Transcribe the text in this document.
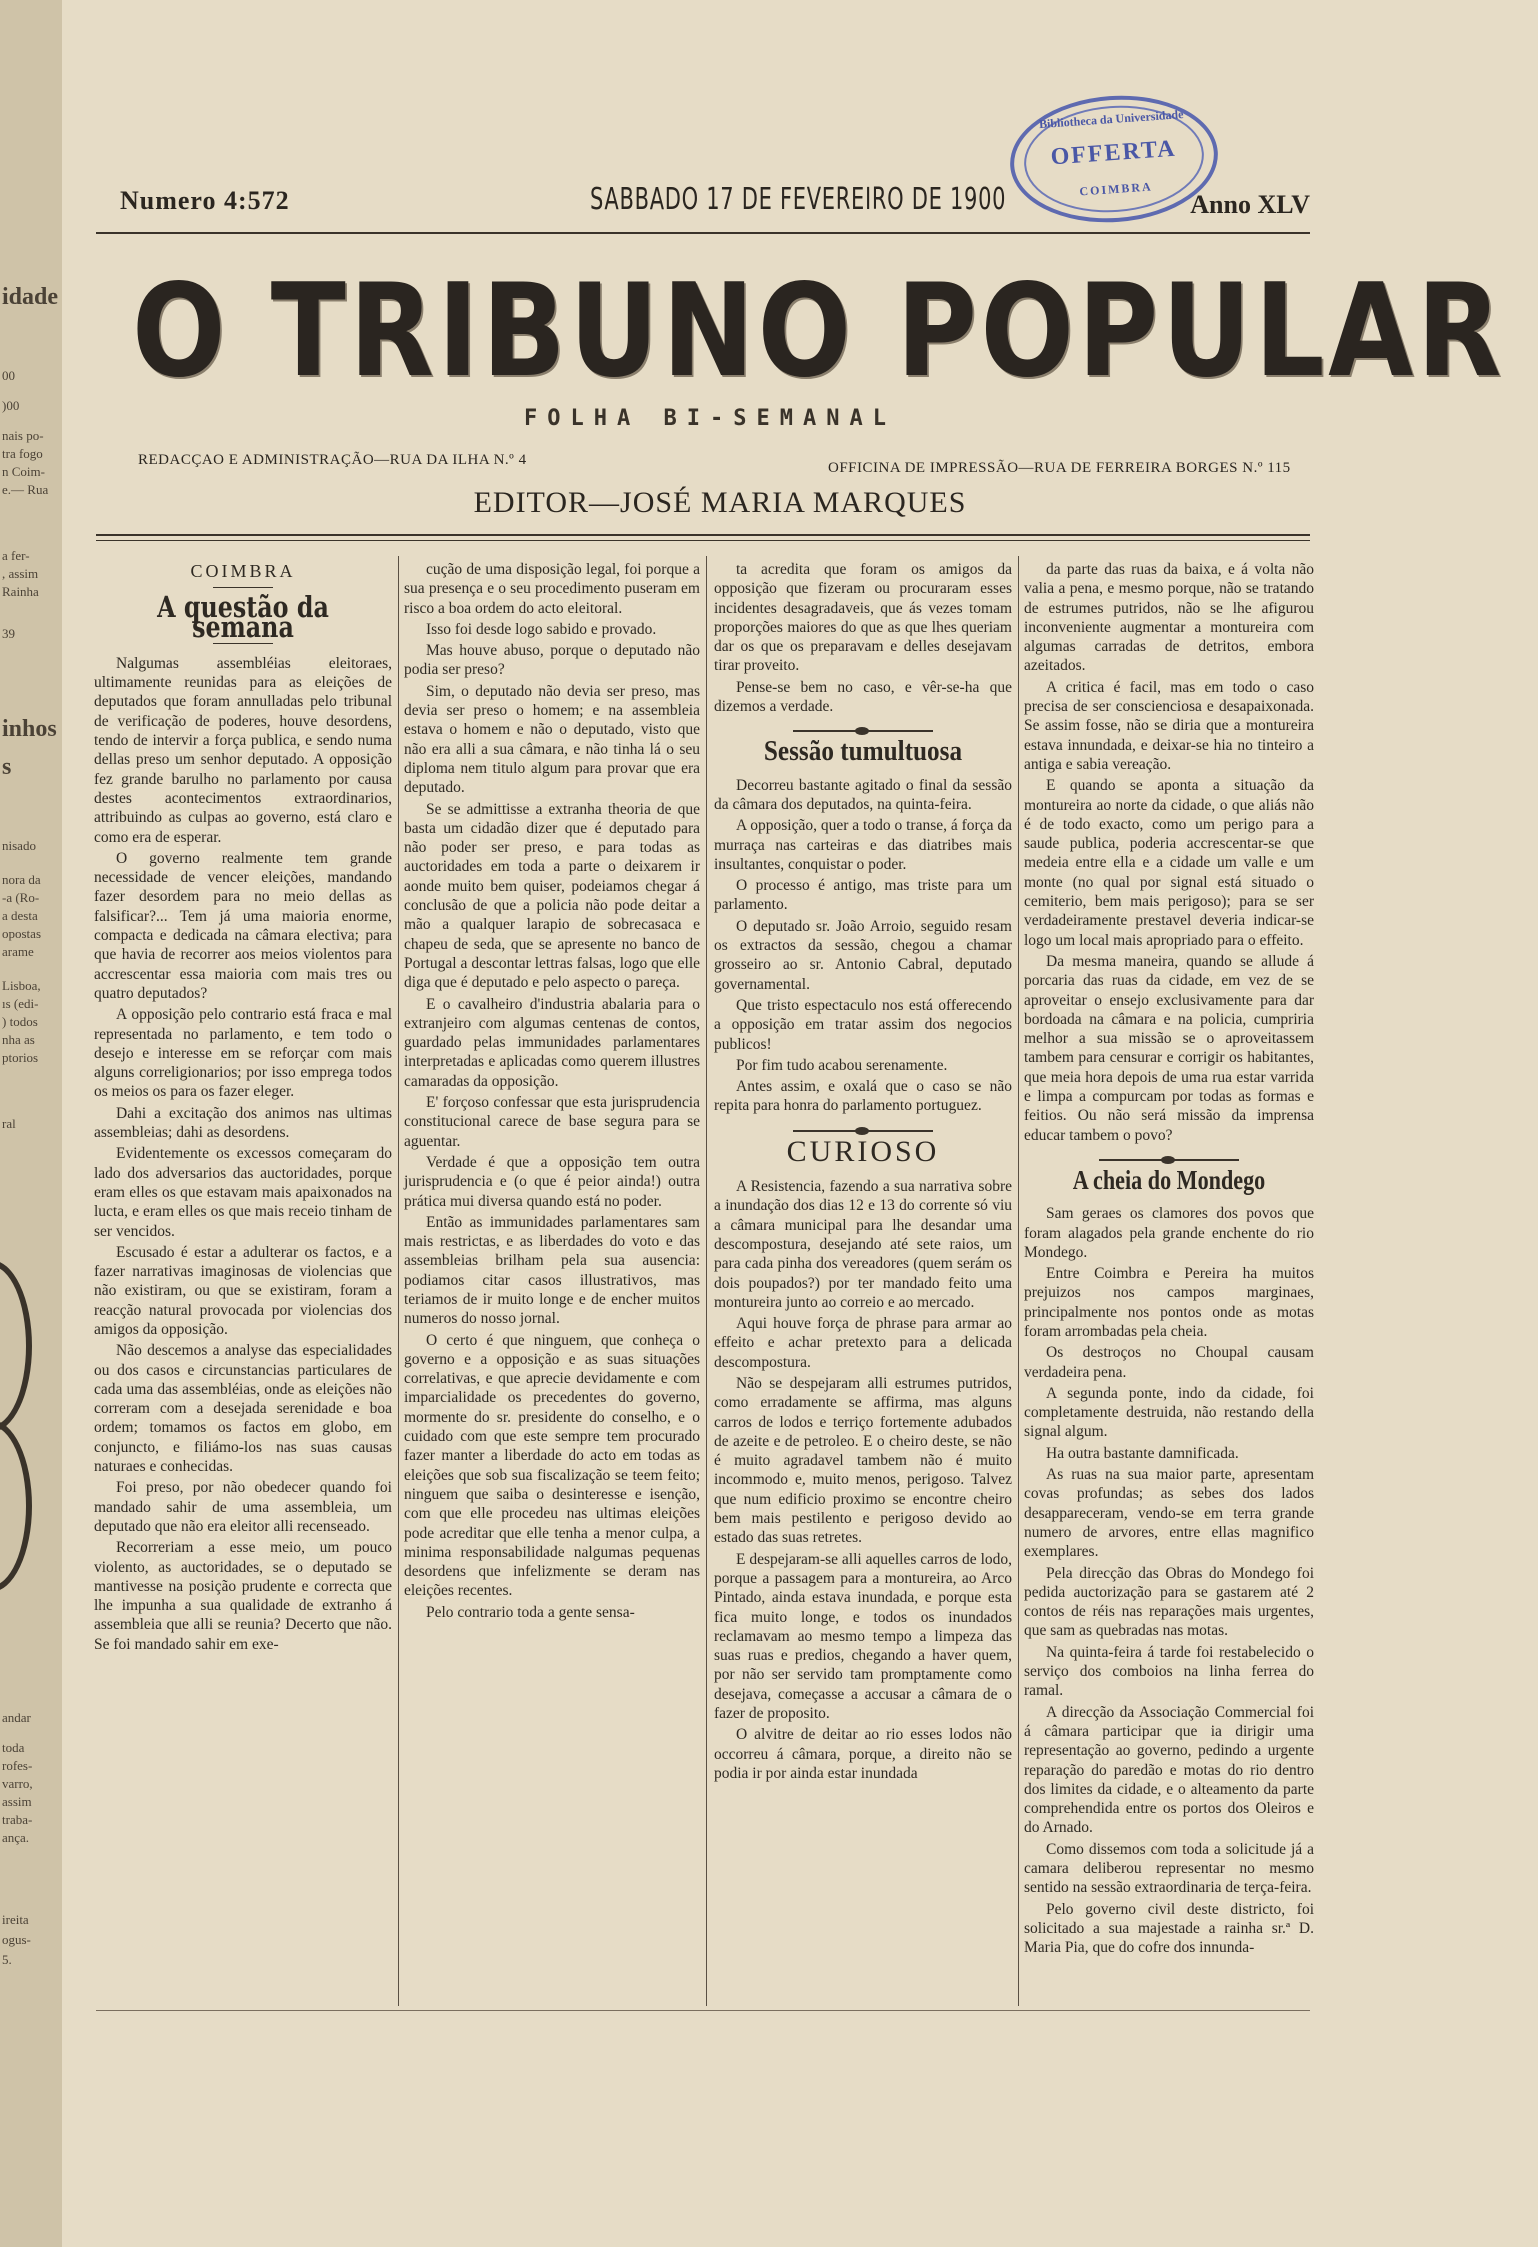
idade
00
)00
nais po-
tra fogo
n Coim-
e.— Rua
a fer-
, assim
Rainha
39
inhos
s
nisado
nora da
-a (Ro-
a desta
opostas
arame
Lisboa,
ıs (edi-
) todos
nha as
ptorios
ral
andar
toda
rofes-
varro,
assim
traba-
ança.
ireita
ogus-
5.
Bibliotheca da Universidade
OFFERTA
COIMBRA
Numero 4:572	SABBADO 17 DE FEVEREIRO DE 1900	Anno XLV
O TRIBUNO POPULAR
FOLHA BI-SEMANAL
REDACÇAO E ADMINISTRAÇÃO—RUA DA ILHA N.º 4	OFFICINA DE IMPRESSÃO—RUA DE FERREIRA BORGES N.º 115
EDITOR—JOSÉ MARIA MARQUES
COIMBRA
A questão da semana

Nalgumas assembléias eleitoraes, ultimamente reunidas para as eleições de deputados que foram annulladas pelo tribunal de verificação de poderes, houve desordens, tendo de intervir a força publica, e sendo numa dellas preso um senhor deputado. A opposição fez grande barulho no parlamento por causa destes acontecimentos extraordinarios, attribuindo as culpas ao governo, está claro e como era de esperar.

O governo realmente tem grande necessidade de vencer eleições, mandando fazer desordem para no meio dellas as falsificar?... Tem já uma maioria enorme, compacta e dedicada na câmara electiva; para que havia de recorrer aos meios violentos para accrescentar essa maioria com mais tres ou quatro deputados?

A opposição pelo contrario está fraca e mal representada no parlamento, e tem todo o desejo e interesse em se reforçar com mais alguns correligionarios; por isso emprega todos os meios os para os fazer eleger.

Dahi a excitação dos animos nas ultimas assembleias; dahi as desordens.

Evidentemente os excessos começaram do lado dos adversarios das auctoridades, porque eram elles os que estavam mais apaixonados na lucta, e eram elles os que mais receio tinham de ser vencidos.

Escusado é estar a adulterar os factos, e a fazer narrativas imaginosas de violencias que não existiram, ou que se existiram, foram a reacção natural provocada por violencias dos amigos da opposição.

Não descemos a analyse das especialidades ou dos casos e circunstancias particulares de cada uma das assembléias, onde as eleições não correram com a desejada serenidade e boa ordem; tomamos os factos em globo, em conjuncto, e filiámo-los nas suas causas naturaes e conhecidas.

Foi preso, por não obedecer quando foi mandado sahir de uma assembleia, um deputado que não era eleitor alli recenseado.

Recorreriam a esse meio, um pouco violento, as auctoridades, se o deputado se mantivesse na posição prudente e correcta que lhe impunha a sua qualidade de extranho á assembleia que alli se reunia? Decerto que não. Se foi mandado sahir em exe-

cução de uma disposição legal, foi porque a sua presença e o seu procedimento puseram em risco a boa ordem do acto eleitoral.

Isso foi desde logo sabido e provado.

Mas houve abuso, porque o deputado não podia ser preso?

Sim, o deputado não devia ser preso, mas devia ser preso o homem; e na assembleia estava o homem e não o deputado, visto que não era alli a sua câmara, e não tinha lá o seu diploma nem titulo algum para provar que era deputado.

Se se admittisse a extranha theoria de que basta um cidadão dizer que é deputado para não poder ser preso, e para todas as auctoridades em toda a parte o deixarem ir aonde muito bem quiser, podeiamos chegar á conclusão de que a policia não pode deitar a mão a qualquer larapio de sobrecasaca e chapeu de seda, que se apresente no banco de Portugal a descontar lettras falsas, logo que elle diga que é deputado e pelo aspecto o pareça.

E o cavalheiro d'industria abalaria para o extranjeiro com algumas centenas de contos, guardado pelas immunidades parlamentares interpretadas e aplicadas como querem illustres camaradas da opposição.

E' forçoso confessar que esta jurisprudencia constitucional carece de base segura para se aguentar.

Verdade é que a opposição tem outra jurisprudencia e (o que é peior ainda!) outra prática mui diversa quando está no poder.

Então as immunidades parlamentares sam mais restrictas, e as liberdades do voto e das assembleias brilham pela sua ausencia: podiamos citar casos illustrativos, mas teriamos de ir muito longe e de encher muitos numeros do nosso jornal.

O certo é que ninguem, que conheça o governo e a opposição e as suas situações correlativas, e que aprecie devidamente e com imparcialidade os precedentes do governo, mormente do sr. presidente do conselho, e o cuidado com que este sempre tem procurado fazer manter a liberdade do acto em todas as eleições que sob sua fiscalização se teem feito; ninguem que saiba o desinteresse e isenção, com que elle procedeu nas ultimas eleições pode acreditar que elle tenha a menor culpa, a minima responsabilidade nalgumas pequenas desordens que infelizmente se deram nas eleições recentes.

Pelo contrario toda a gente sensa-

ta acredita que foram os amigos da opposição que fizeram ou procuraram esses incidentes desagradaveis, que ás vezes tomam proporções maiores do que as que lhes queriam dar os que os preparavam e delles desejavam tirar proveito.

Pense-se bem no caso, e vêr-se-ha que dizemos a verdade.

Sessão tumultuosa

Decorreu bastante agitado o final da sessão da câmara dos deputados, na quinta-feira.

A opposição, quer a todo o transe, á força da murraça nas carteiras e das diatribes mais insultantes, conquistar o poder.

O processo é antigo, mas triste para um parlamento.

O deputado sr. João Arroio, seguido resam os extractos da sessão, chegou a chamar grosseiro ao sr. Antonio Cabral, deputado governamental.

Que tristo espectaculo nos está offerecendo a opposição em tratar assim dos negocios publicos!

Por fim tudo acabou serenamente.

Antes assim, e oxalá que o caso se não repita para honra do parlamento portuguez.

CURIOSO

A Resistencia, fazendo a sua narrativa sobre a inundação dos dias 12 e 13 do corrente só viu a câmara municipal para lhe desandar uma descompostura, desejando até sete raios, um para cada pinha dos vereadores (quem serám os dois poupados?) por ter mandado feito uma montureira junto ao correio e ao mercado.

Aqui houve força de phrase para armar ao effeito e achar pretexto para a delicada descompostura.

Não se despejaram alli estrumes putridos, como erradamente se affirma, mas alguns carros de lodos e terriço fortemente adubados de azeite e de petroleo. E o cheiro deste, se não é muito agradavel tambem não é muito incommodo e, muito menos, perigoso. Talvez que num edificio proximo se encontre cheiro bem mais pestilento e perigoso devido ao estado das suas retretes.

E despejaram-se alli aquelles carros de lodo, porque a passagem para a montureira, ao Arco Pintado, ainda estava inundada, e porque esta fica muito longe, e todos os inundados reclamavam ao mesmo tempo a limpeza das suas ruas e predios, chegando a haver quem, por não ser servido tam promptamente como desejava, começasse a accusar a câmara de o fazer de proposito.

O alvitre de deitar ao rio esses lodos não occorreu á câmara, porque, a direito não se podia ir por ainda estar inundada

da parte das ruas da baixa, e á volta não valia a pena, e mesmo porque, não se tratando de estrumes putridos, não se lhe afigurou inconveniente augmentar a montureira com algumas carradas de detritos, embora azeitados.

A critica é facil, mas em todo o caso precisa de ser conscienciosa e desapaixonada. Se assim fosse, não se diria que a montureira estava innundada, e deixar-se hia no tinteiro a antiga e sabia vereação.

E quando se aponta a situação da montureira ao norte da cidade, o que aliás não é de todo exacto, como um perigo para a saude publica, poderia accrescentar-se que medeia entre ella e a cidade um valle e um monte (no qual por signal está situado o cemiterio, bem mais perigoso); para se ser verdadeiramente prestavel deveria indicar-se logo um local mais apropriado para o effeito.

Da mesma maneira, quando se allude á porcaria das ruas da cidade, em vez de se aproveitar o ensejo exclusivamente para dar bordoada na câmara e na policia, cumpriria melhor a sua missão se o aproveitassem tambem para censurar e corrigir os habitantes, que meia hora depois de uma rua estar varrida e limpa a compurcam por todas as formas e feitios. Ou não será missão da imprensa educar tambem o povo?

A cheia do Mondego

Sam geraes os clamores dos povos que foram alagados pela grande enchente do rio Mondego.

Entre Coimbra e Pereira ha muitos prejuizos nos campos marginaes, principalmente nos pontos onde as motas foram arrombadas pela cheia.

Os destroços no Choupal causam verdadeira pena.

A segunda ponte, indo da cidade, foi completamente destruida, não restando della signal algum.

Ha outra bastante damnificada.

As ruas na sua maior parte, apresentam covas profundas; as sebes dos lados desappareceram, vendo-se em terra grande numero de arvores, entre ellas magnifico exemplares.

Pela direcção das Obras do Mondego foi pedida auctorização para se gastarem até 2 contos de réis nas reparações mais urgentes, que sam as quebradas nas motas.

Na quinta-feira á tarde foi restabelecido o serviço dos comboios na linha ferrea do ramal.

A direcção da Associação Commercial foi á câmara participar que ia dirigir uma representação ao governo, pedindo a urgente reparação do paredão e motas do rio dentro dos limites da cidade, e o alteamento da parte comprehendida entre os portos dos Oleiros e do Arnado.

Como dissemos com toda a solicitude já a camara deliberou representar no mesmo sentido na sessão extraordinaria de terça-feira.

Pelo governo civil deste districto, foi solicitado a sua majestade a rainha sr.ª D. Maria Pia, que do cofre dos innunda-
